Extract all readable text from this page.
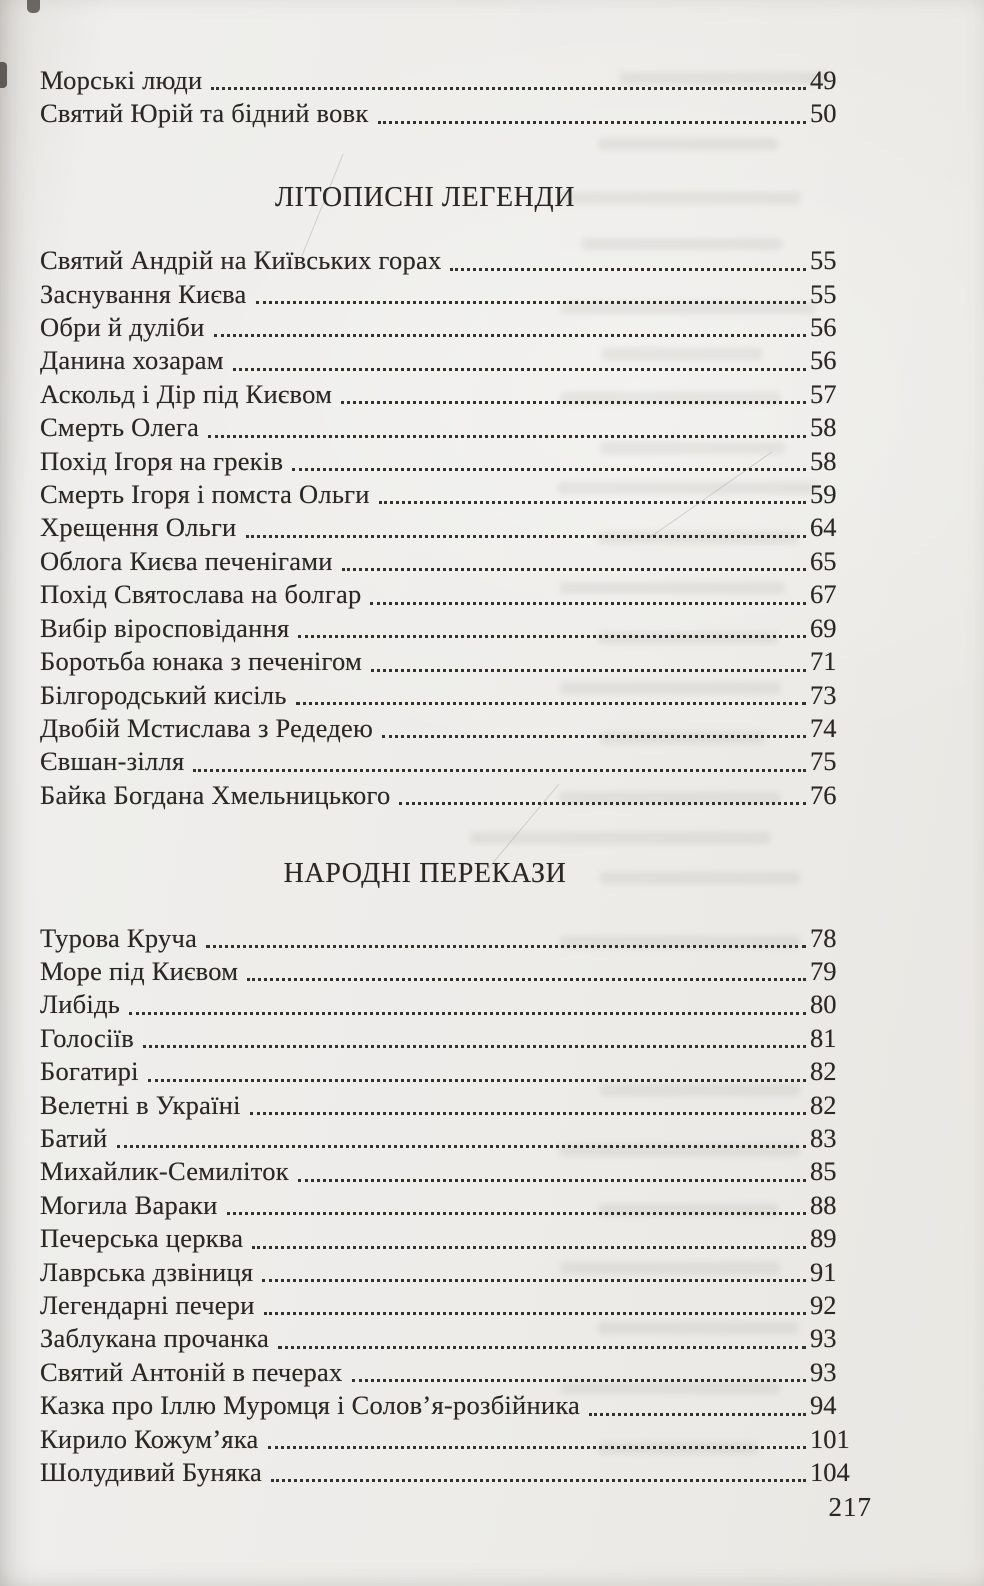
Морські люди	49
Святий Юрій та бідний вовк	50
ЛІТОПИСНІ ЛЕГЕНДИ
Святий Андрій на Київських горах	55
Заснування Києва	55
Обри й дуліби	56
Данина хозарам	56
Аскольд і Дір під Києвом	57
Смерть Олега	58
Похід Ігоря на греків	58
Смерть Ігоря і помста Ольги	59
Хрещення Ольги	64
Облога Києва печенігами	65
Похід Святослава на болгар	67
Вибір віросповідання	69
Боротьба юнака з печенігом	71
Білгородський кисіль	73
Двобій Мстислава з Редедею	74
Євшан-зілля	75
Байка Богдана Хмельницького	76
НАРОДНІ ПЕРЕКАЗИ
Турова Круча	78
Море під Києвом	79
Либідь	80
Голосіїв	81
Богатирі	82
Велетні в Україні	82
Батий	83
Михайлик-Семиліток	85
Могила Вараки	88
Печерська церква	89
Лаврська дзвіниця	91
Легендарні печери	92
Заблукана прочанка	93
Святий Антоній в печерах	93
Казка про Іллю Муромця і Солов’я-розбійника	94
Кирило Кожум’яка	101
Шолудивий Буняка	104
217
